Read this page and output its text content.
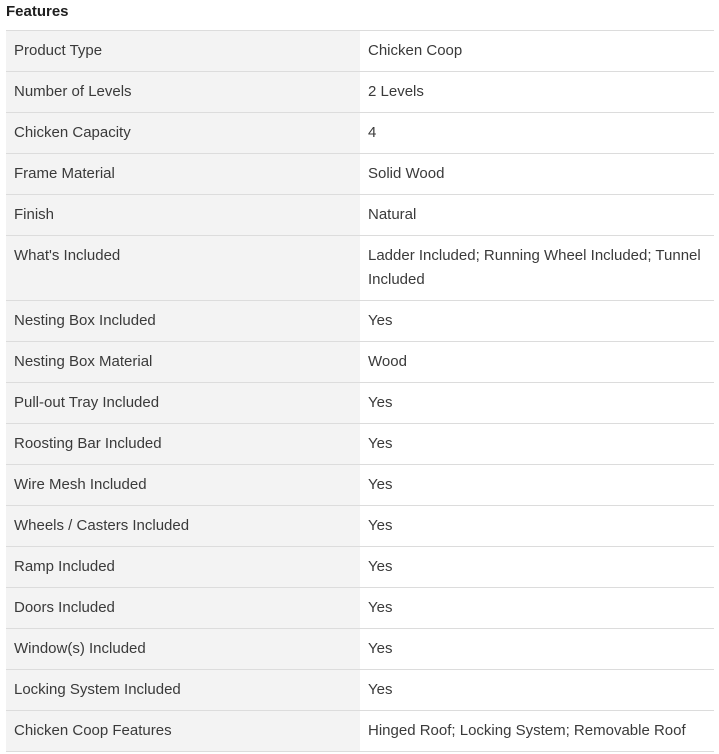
Features
Product Type	Chicken Coop
Number of Levels	2 Levels
Chicken Capacity	4
Frame Material	Solid Wood
Finish	Natural
What's Included	Ladder Included; Running Wheel Included; Tunnel Included
Nesting Box Included	Yes
Nesting Box Material	Wood
Pull-out Tray Included	Yes
Roosting Bar Included	Yes
Wire Mesh Included	Yes
Wheels / Casters Included	Yes
Ramp Included	Yes
Doors Included	Yes
Window(s) Included	Yes
Locking System Included	Yes
Chicken Coop Features	Hinged Roof; Locking System; Removable Roof
